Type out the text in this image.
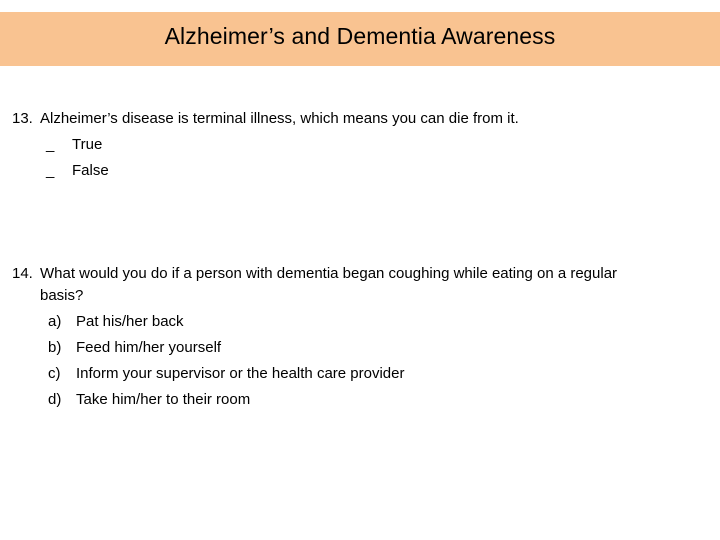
Alzheimer’s and Dementia Awareness
13. Alzheimer’s disease is terminal illness, which means you can die from it.
_ True
_ False
14. What would you do if a person with dementia began coughing while eating on a regular
basis?
a) Pat his/her back
b) Feed him/her yourself
c) Inform your supervisor or the health care provider
d) Take him/her to their room
